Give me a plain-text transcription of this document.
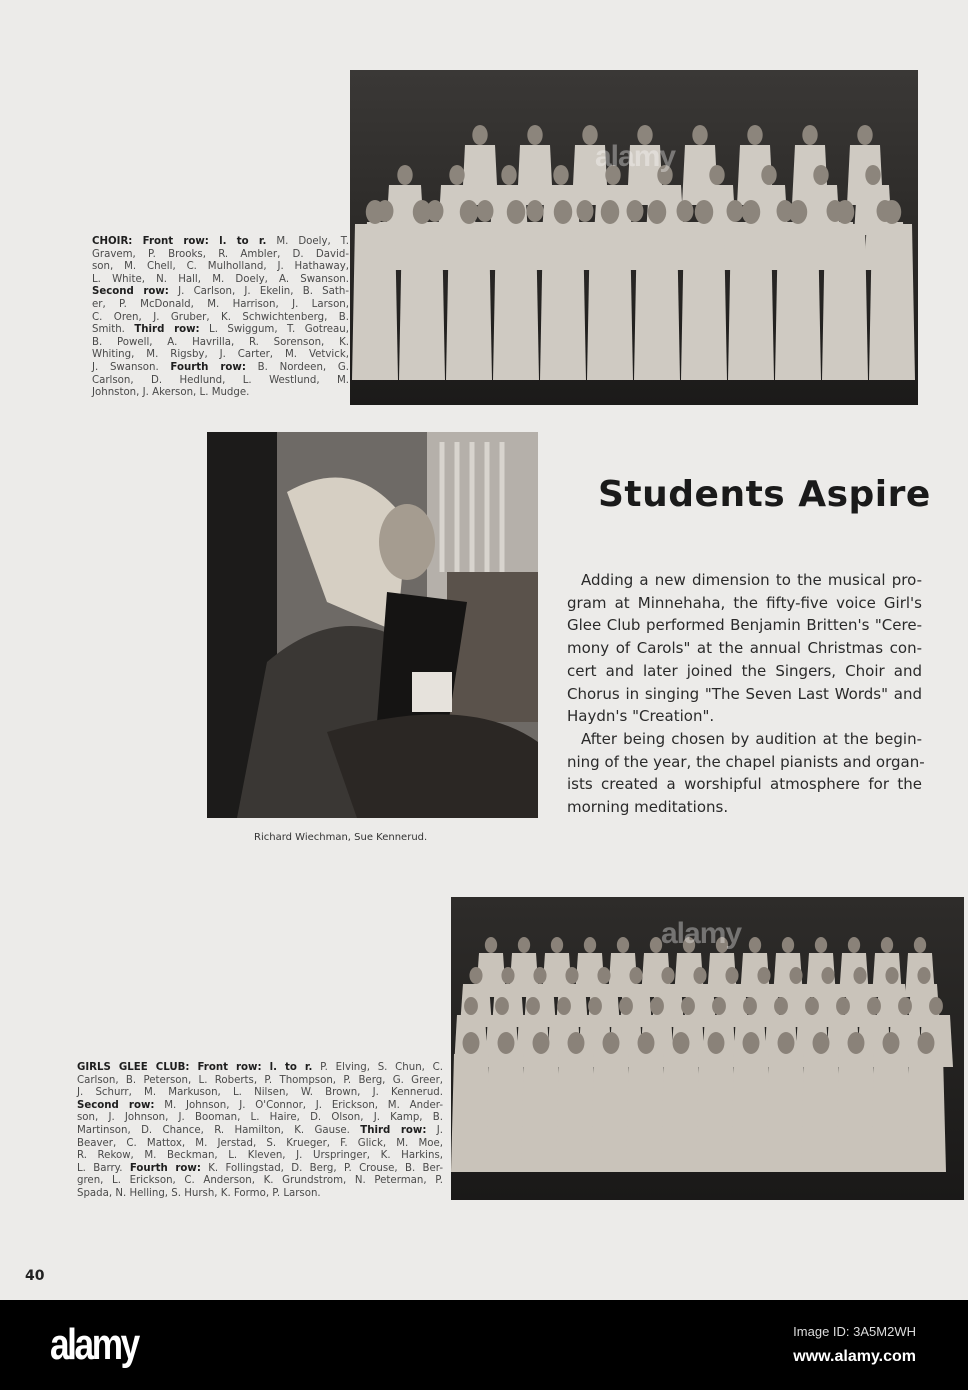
alamy
CHOIR: Front row: l. to r. M. Doely, T.
Gravem, P. Brooks, R. Ambler, D. David-
son, M. Chell, C. Mulholland, J. Hathaway,
L. White, N. Hall, M. Doely, A. Swanson.
Second row: J. Carlson, J. Ekelin, B. Sath-
er, P. McDonald, M. Harrison, J. Larson,
C. Oren, J. Gruber, K. Schwichtenberg, B.
Smith. Third row: L. Swiggum, T. Gotreau,
B. Powell, A. Havrilla, R. Sorenson, K.
Whiting, M. Rigsby, J. Carter, M. Vetvick,
J. Swanson. Fourth row: B. Nordeen, G.
Carlson, D. Hedlund, L. Westlund, M.
Johnston, J. Akerson, L. Mudge.
Students Aspire
Adding a new dimension to the musical pro-
gram at Minnehaha, the fifty-five voice Girl's
Glee Club performed Benjamin Britten's "Cere-
mony of Carols" at the annual Christmas con-
cert and later joined the Singers, Choir and
Chorus in singing "The Seven Last Words" and
Haydn's "Creation".
After being chosen by audition at the begin-
ning of the year, the chapel pianists and organ-
ists created a worshipful atmosphere for the
morning meditations.
Richard Wiechman, Sue Kennerud.
alamy
GIRLS GLEE CLUB: Front row: l. to r. P. Elving, S. Chun, C.
Carlson, B. Peterson, L. Roberts, P. Thompson, P. Berg, G. Greer,
J. Schurr, M. Markuson, L. Nilsen, W. Brown, J. Kennerud.
Second row: M. Johnson, J. O'Connor, J. Erickson, M. Ander-
son, J. Johnson, J. Booman, L. Haire, D. Olson, J. Kamp, B.
Martinson, D. Chance, R. Hamilton, K. Gause. Third row: J.
Beaver, C. Mattox, M. Jerstad, S. Krueger, F. Glick, M. Moe,
R. Rekow, M. Beckman, L. Kleven, J. Urspringer, K. Harkins,
L. Barry. Fourth row: K. Follingstad, D. Berg, P. Crouse, B. Ber-
gren, L. Erickson, C. Anderson, K. Grundstrom, N. Peterman, P.
Spada, N. Helling, S. Hursh, K. Formo, P. Larson.
40
alamy	Image ID: 3A5M2WH
www.alamy.com
